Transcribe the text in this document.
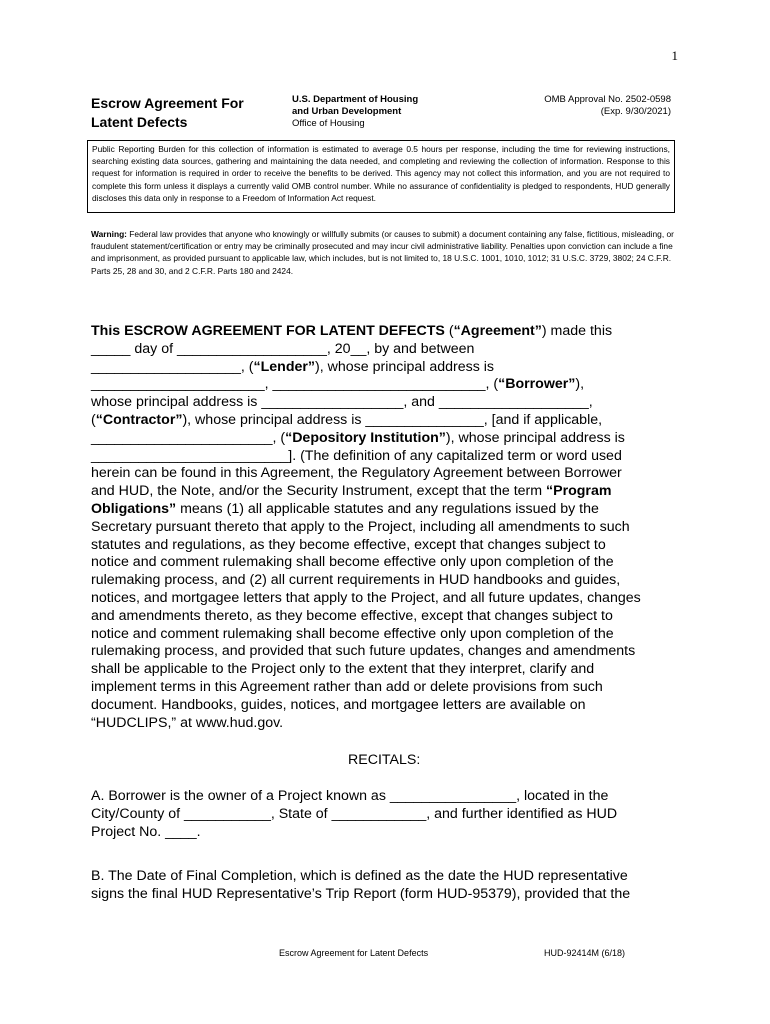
1
Escrow Agreement For
Latent Defects
U.S. Department of Housing
and Urban Development
Office of Housing
OMB Approval No. 2502-0598
(Exp. 9/30/2021)
Public Reporting Burden for this collection of information is estimated to average 0.5 hours per response, including the time for reviewing instructions, searching existing data sources, gathering and maintaining the data needed, and completing and reviewing the collection of information. Response to this request for information is required in order to receive the benefits to be derived. This agency may not collect this information, and you are not required to complete this form unless it displays a currently valid OMB control number. While no assurance of confidentiality is pledged to respondents, HUD generally discloses this data only in response to a Freedom of Information Act request.
Warning: Federal law provides that anyone who knowingly or willfully submits (or causes to submit) a document containing any false, fictitious, misleading, or fraudulent statement/certification or entry may be criminally prosecuted and may incur civil administrative liability. Penalties upon conviction can include a fine and imprisonment, as provided pursuant to applicable law, which includes, but is not limited to, 18 U.S.C. 1001, 1010, 1012; 31 U.S.C. 3729, 3802; 24 C.F.R. Parts 25, 28 and 30, and 2 C.F.R. Parts 180 and 2424.
This ESCROW AGREEMENT FOR LATENT DEFECTS (“Agreement”) made this
_____ day of ___________________, 20__, by and between
___________________, (“Lender”), whose principal address is
______________________, ___________________________, (“Borrower”),
whose principal address is __________________, and ___________________,
(“Contractor”), whose principal address is _______________, [and if applicable,
_______________________, (“Depository Institution”), whose principal address is
_________________________]. (The definition of any capitalized term or word used
herein can be found in this Agreement, the Regulatory Agreement between Borrower
and HUD, the Note, and/or the Security Instrument, except that the term “Program
Obligations” means (1) all applicable statutes and any regulations issued by the
Secretary pursuant thereto that apply to the Project, including all amendments to such
statutes and regulations, as they become effective, except that changes subject to
notice and comment rulemaking shall become effective only upon completion of the
rulemaking process, and (2) all current requirements in HUD handbooks and guides,
notices, and mortgagee letters that apply to the Project, and all future updates, changes
and amendments thereto, as they become effective, except that changes subject to
notice and comment rulemaking shall become effective only upon completion of the
rulemaking process, and provided that such future updates, changes and amendments
shall be applicable to the Project only to the extent that they interpret, clarify and
implement terms in this Agreement rather than add or delete provisions from such
document. Handbooks, guides, notices, and mortgagee letters are available on
“HUDCLIPS,” at www.hud.gov.
RECITALS:
A. Borrower is the owner of a Project known as ________________, located in the
City/County of ___________, State of ____________, and further identified as HUD
Project No. ____.
B. The Date of Final Completion, which is defined as the date the HUD representative
signs the final HUD Representative’s Trip Report (form HUD-95379), provided that the
Escrow Agreement for Latent Defects	HUD-92414M (6/18)
